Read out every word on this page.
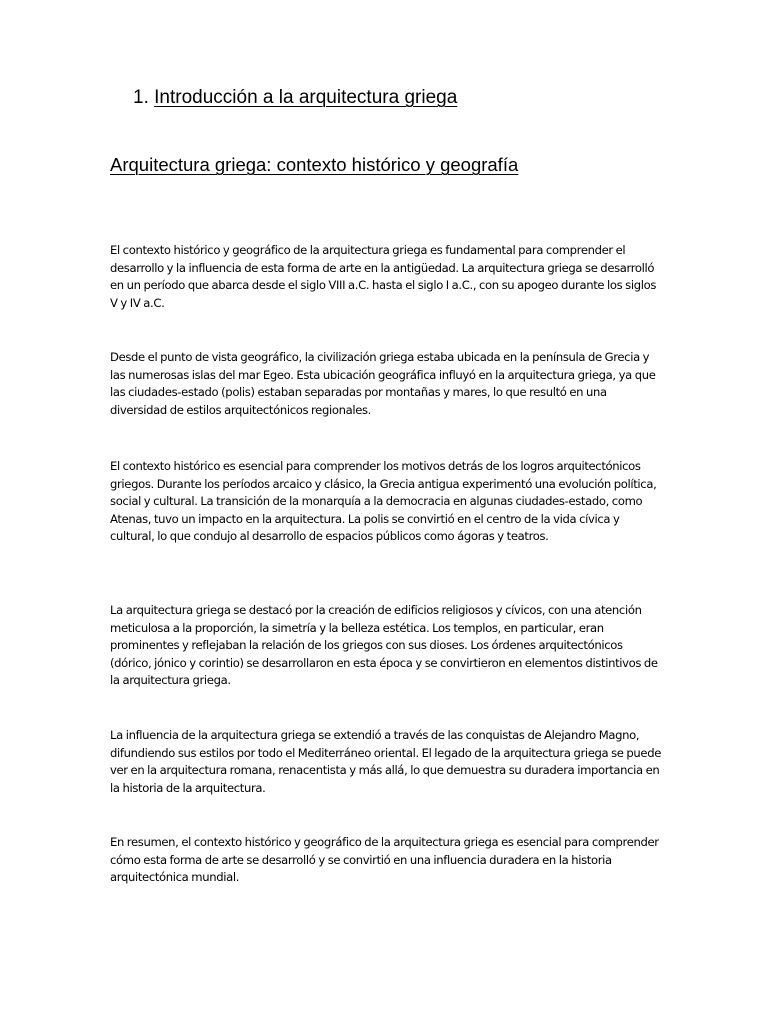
1. Introducción a la arquitectura griega
Arquitectura griega: contexto histórico y geografía

El contexto histórico y geográfico de la arquitectura griega es fundamental para comprender el desarrollo y la influencia de esta forma de arte en la antigüedad. La arquitectura griega se desarrolló en un período que abarca desde el siglo VIII a.C. hasta el siglo I a.C., con su apogeo durante los siglos V y IV a.C.

Desde el punto de vista geográfico, la civilización griega estaba ubicada en la península de Grecia y las numerosas islas del mar Egeo. Esta ubicación geográfica influyó en la arquitectura griega, ya que las ciudades-estado (polis) estaban separadas por montañas y mares, lo que resultó en una diversidad de estilos arquitectónicos regionales.

El contexto histórico es esencial para comprender los motivos detrás de los logros arquitectónicos griegos. Durante los períodos arcaico y clásico, la Grecia antigua experimentó una evolución política, social y cultural. La transición de la monarquía a la democracia en algunas ciudades-estado, como Atenas, tuvo un impacto en la arquitectura. La polis se convirtió en el centro de la vida cívica y cultural, lo que condujo al desarrollo de espacios públicos como ágoras y teatros.

La arquitectura griega se destacó por la creación de edificios religiosos y cívicos, con una atención meticulosa a la proporción, la simetría y la belleza estética. Los templos, en particular, eran prominentes y reflejaban la relación de los griegos con sus dioses. Los órdenes arquitectónicos (dórico, jónico y corintio) se desarrollaron en esta época y se convirtieron en elementos distintivos de la arquitectura griega.

La influencia de la arquitectura griega se extendió a través de las conquistas de Alejandro Magno, difundiendo sus estilos por todo el Mediterráneo oriental. El legado de la arquitectura griega se puede ver en la arquitectura romana, renacentista y más allá, lo que demuestra su duradera importancia en la historia de la arquitectura.

En resumen, el contexto histórico y geográfico de la arquitectura griega es esencial para comprender cómo esta forma de arte se desarrolló y se convirtió en una influencia duradera en la historia arquitectónica mundial.
